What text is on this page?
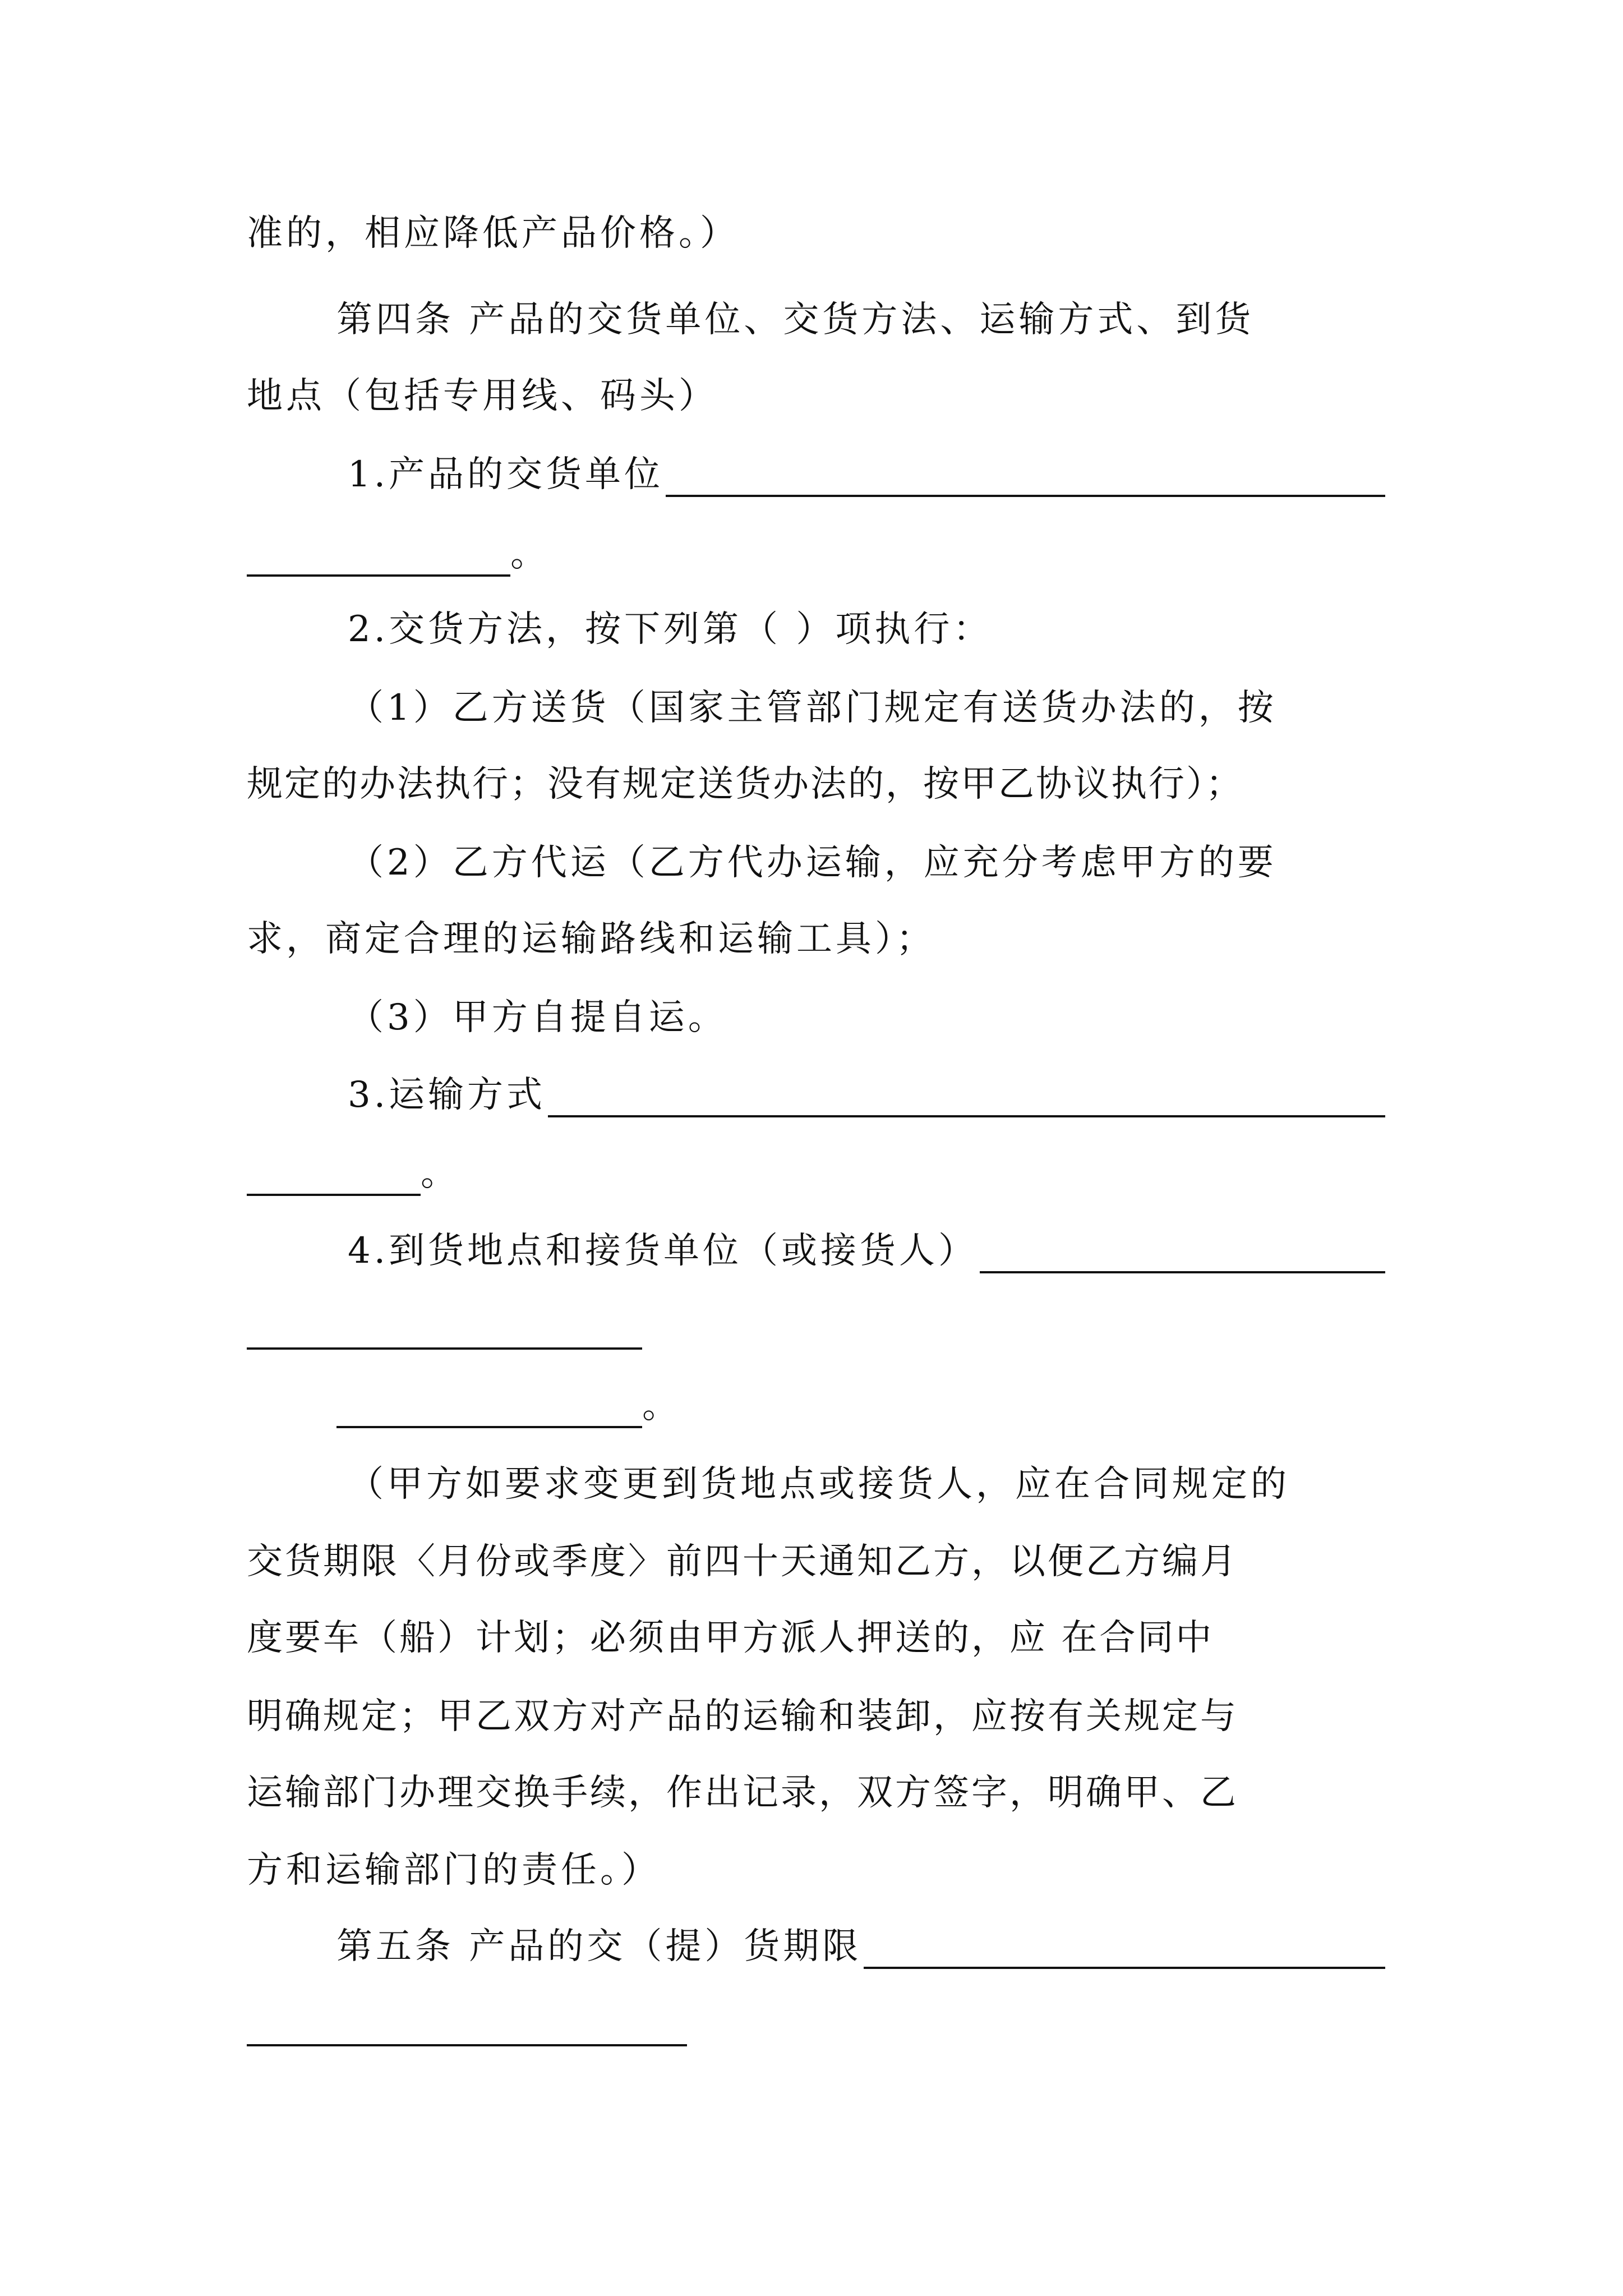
准的，相应降低产品价格。）
第四条 产品的交货单位、交货方法、运输方式、到货
地点（包括专用线、码头）
1.产品的交货单位
。
2.交货方法，按下列第（ ）项执行：
（1）乙方送货（国家主管部门规定有送货办法的，按
规定的办法执行；没有规定送货办法的，按甲乙协议执行）；
（2）乙方代运（乙方代办运输，应充分考虑甲方的要
求，商定合理的运输路线和运输工具）；
（3）甲方自提自运。
3.运输方式
。
4.到货地点和接货单位（或接货人）
。
（甲方如要求变更到货地点或接货人，应在合同规定的
交货期限〈月份或季度〉前四十天通知乙方，以便乙方编月
度要车（船）计划；必须由甲方派人押送的，应 在合同中
明确规定；甲乙双方对产品的运输和装卸，应按有关规定与
运输部门办理交换手续，作出记录，双方签字，明确甲、乙
方和运输部门的责任。）
第五条 产品的交（提）货期限
